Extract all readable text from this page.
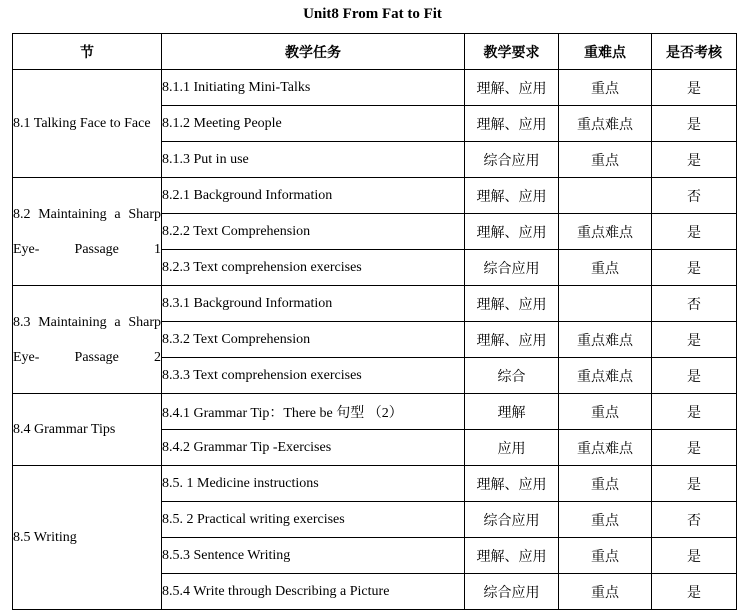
Unit8 From Fat to Fit
节	教学任务	教学要求	重难点	是否考核
8.1 Talking Face to Face	8.1.1 Initiating Mini-Talks	理解、应用	重点	是
	8.1.2 Meeting People	理解、应用	重点难点	是
	8.1.3 Put in use	综合应用	重点	是
8.2 Maintaining a Sharp Eye- Passage 1	8.2.1 Background Information	理解、应用		否
	8.2.2 Text Comprehension	理解、应用	重点难点	是
	8.2.3 Text comprehension exercises	综合应用	重点	是
8.3 Maintaining a Sharp Eye- Passage 2	8.3.1 Background Information	理解、应用		否
	8.3.2 Text Comprehension	理解、应用	重点难点	是
	8.3.3 Text comprehension exercises	综合	重点难点	是
8.4 Grammar Tips	8.4.1 Grammar Tip：There be 句型 （2）	理解	重点	是
	8.4.2 Grammar Tip -Exercises	应用	重点难点	是
8.5 Writing	8.5. 1 Medicine instructions	理解、应用	重点	是
	8.5. 2 Practical writing exercises	综合应用	重点	否
	8.5.3 Sentence Writing	理解、应用	重点	是
	8.5.4 Write through Describing a Picture	综合应用	重点	是
